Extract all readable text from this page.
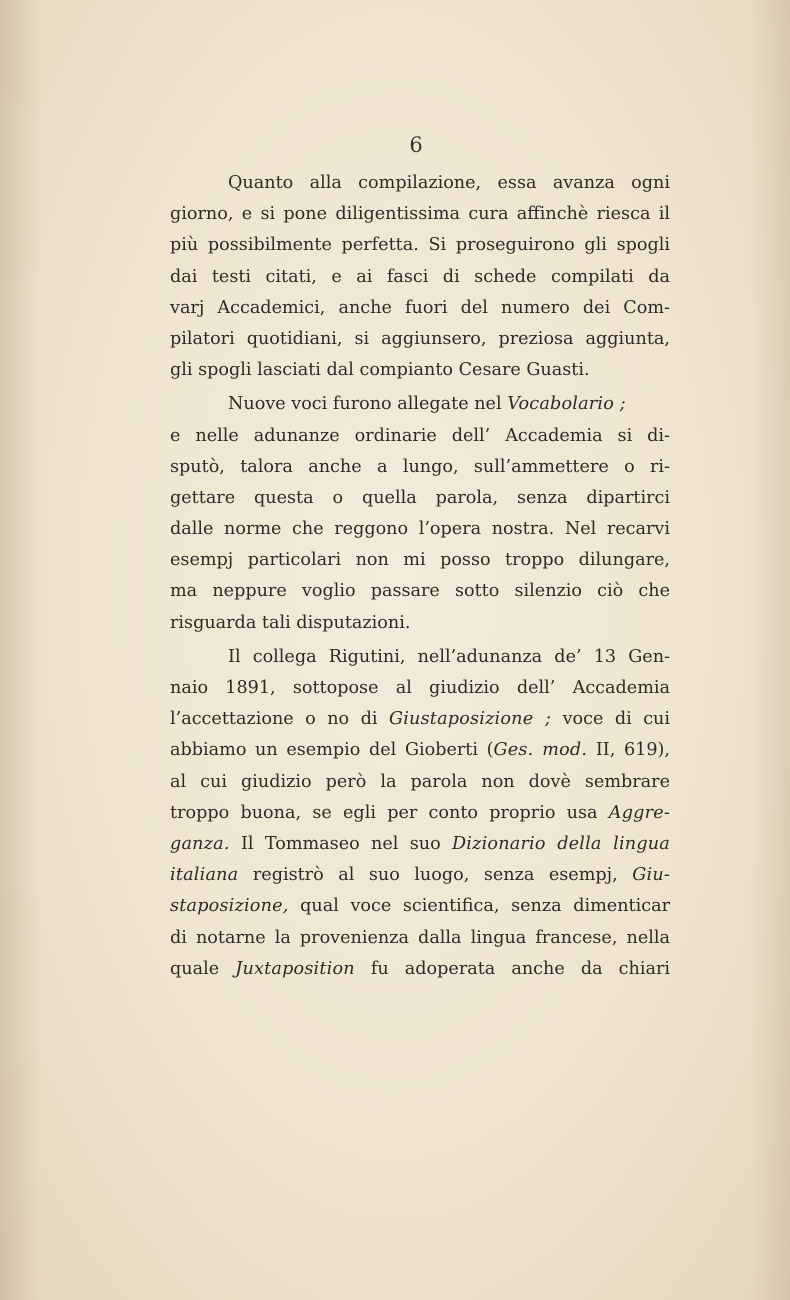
6
Quanto alla compilazione, essa avanza ogni
giorno, e si pone diligentissima cura affinchè riesca il
più possibilmente perfetta. Si proseguirono gli spogli
dai testi citati, e ai fasci di schede compilati da
varj Accademici, anche fuori del numero dei Com-
pilatori quotidiani, si aggiunsero, preziosa aggiunta,
gli spogli lasciati dal compianto Cesare Guasti.
Nuove voci furono allegate nel Vocabolario ;
e nelle adunanze ordinarie dell’ Accademia si di-
sputò, talora anche a lungo, sull’ammettere o ri-
gettare questa o quella parola, senza dipartirci
dalle norme che reggono l’opera nostra. Nel recarvi
esempj particolari non mi posso troppo dilungare,
ma neppure voglio passare sotto silenzio ciò che
risguarda tali disputazioni.
Il collega Rigutini, nell’adunanza de’ 13 Gen-
naio 1891, sottopose al giudizio dell’ Accademia
l’accettazione o no di Giustaposizione ; voce di cui
abbiamo un esempio del Gioberti (Ges. mod. II, 619),
al cui giudizio però la parola non dovè sembrare
troppo buona, se egli per conto proprio usa Aggre-
ganza. Il Tommaseo nel suo Dizionario della lingua
italiana registrò al suo luogo, senza esempj, Giu-
staposizione, qual voce scientifica, senza dimenticar
di notarne la provenienza dalla lingua francese, nella
quale Juxtaposition fu adoperata anche da chiari
